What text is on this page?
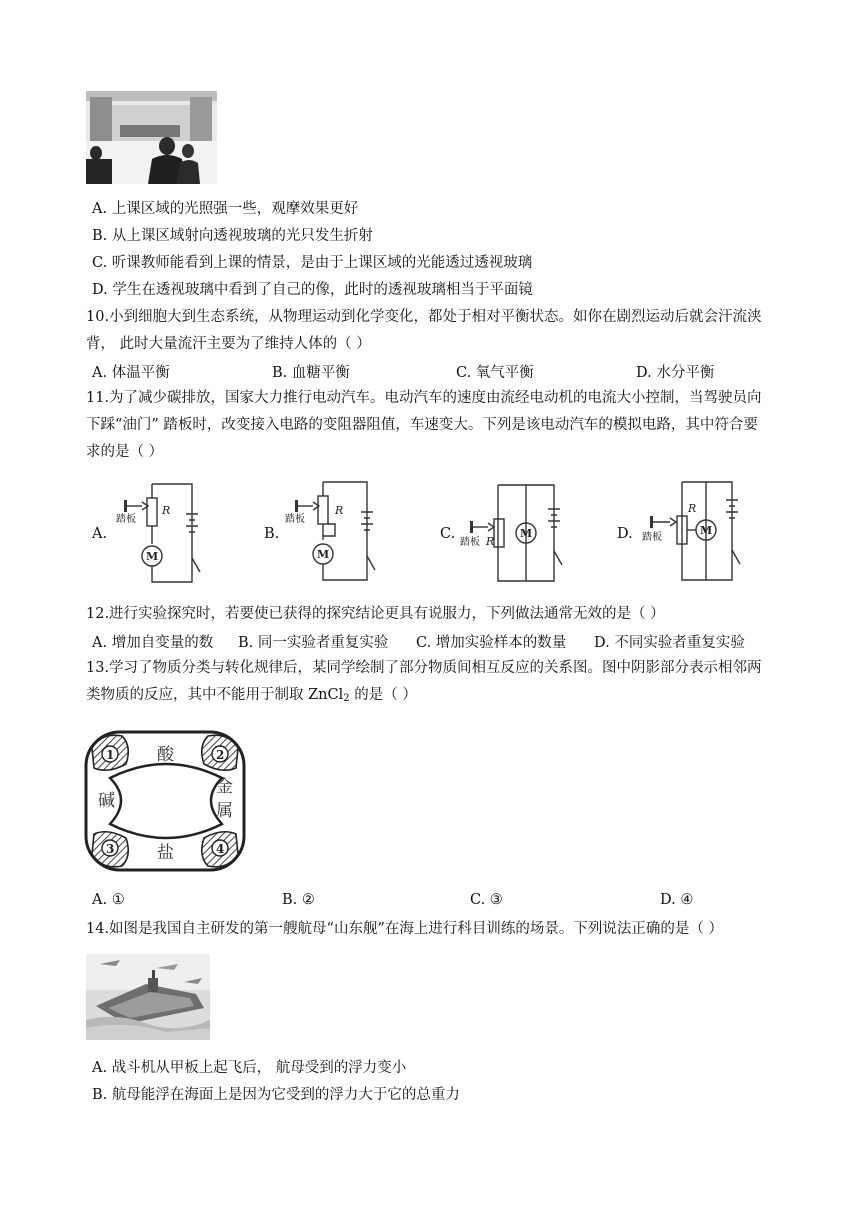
A. 上课区域的光照强一些，观摩效果更好
B. 从上课区域射向透视玻璃的光只发生折射
C. 听课教师能看到上课的情景，是由于上课区域的光能透过透视玻璃
D. 学生在透视玻璃中看到了自己的像，此时的透视玻璃相当于平面镜
10.小到细胞大到生态系统，从物理运动到化学变化，都处于相对平衡状态。如你在剧烈运动后就会汗流浃
背， 此时大量流汗主要为了维持人体的（ ）
A. 体温平衡	B. 血糖平衡	C. 氧气平衡	D. 水分平衡
11.为了减少碳排放，国家大力推行电动汽车。电动汽车的速度由流经电动机的电流大小控制，当驾驶员向
下踩“油门” 踏板时，改变接入电路的变阻器阻值，车速变大。下列是该电动汽车的模拟电路，其中符合要
求的是（ ）
A.	B.	C.	D.
踏板
R
M
踏板
R
M
踏板 R
M	踏板
R
M
12.进行实验探究时，若要使已获得的探究结论更具有说服力，下列做法通常无效的是（ ）
A. 增加自变量的数 B. 同一实验者重复实验 C. 增加实验样本的数量 D. 不同实验者重复实验
13.学习了物质分类与转化规律后，某同学绘制了部分物质间相互反应的关系图。图中阴影部分表示相邻两
类物质的反应，其中不能用于制取 ZnCl$_2$ 的是（ ）
1	2
3	4
酸
碱
金
属
盐
A. ①	B. ②	C. ③	D. ④
14.如图是我国自主研发的第一艘航母“山东舰”在海上进行科目训练的场景。下列说法正确的是（ ）
A. 战斗机从甲板上起飞后， 航母受到的浮力变小
B. 航母能浮在海面上是因为它受到的浮力大于它的总重力
